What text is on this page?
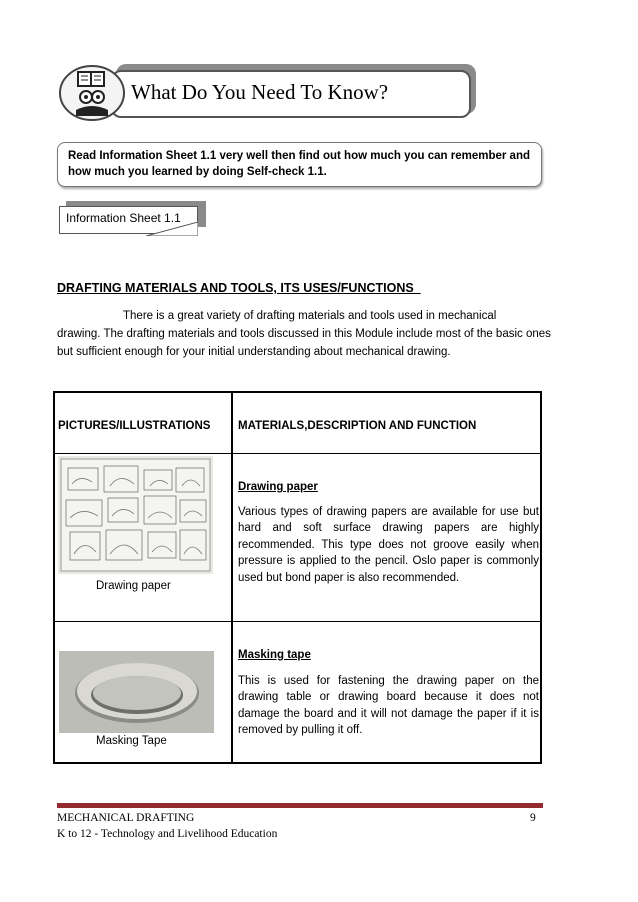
What Do You Need To Know?
Read Information Sheet 1.1 very well then find out how much you can remember and how much you learned by doing Self-check 1.1.
Information Sheet 1.1
DRAFTING MATERIALS AND TOOLS, ITS USES/FUNCTIONS

There is a great variety of drafting materials and tools used in mechanical

drawing. The drafting materials and tools discussed in this Module include most of the basic ones but sufficient enough for your initial understanding about mechanical drawing.

PICTURES/ILLUSTRATIONS MATERIALS,DESCRIPTION AND FUNCTION
Drawing paper
Drawing paper
Various types of drawing papers are available for use but hard and soft surface drawing papers are highly recommended. This type does not groove easily when pressure is applied to the pencil. Oslo paper is commonly used but bond paper is also recommended.
Masking Tape
Masking tape
This is used for fastening the drawing paper on the drawing table or drawing board because it does not damage the board and it will not damage the paper if it is removed by pulling it off.
MECHANICAL DRAFTING
K to 12 - Technology and Livelihood Education
9
